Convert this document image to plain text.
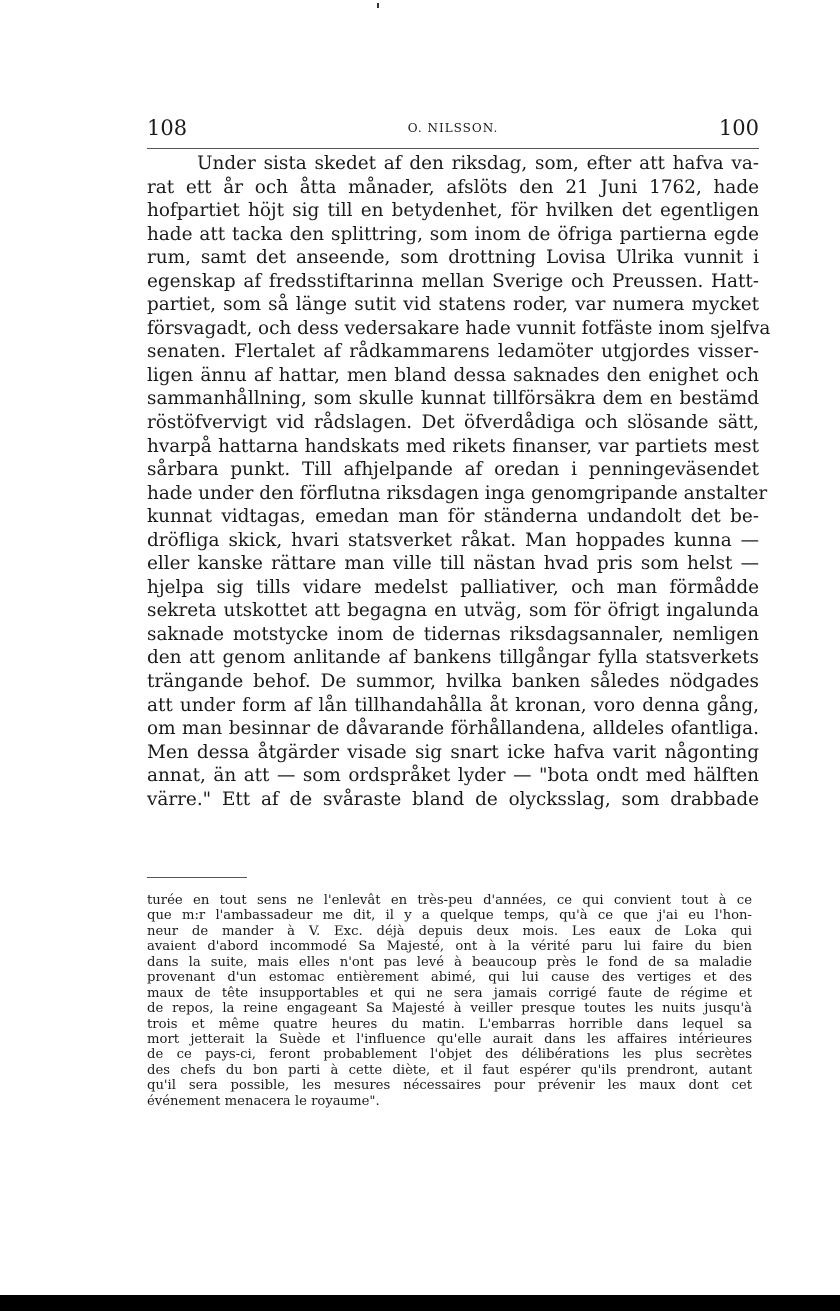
108	O. NILSSON.	100
Under sista skedet af den riksdag, som, efter att hafva va-
rat ett år och åtta månader, afslöts den 21 Juni 1762, hade
hofpartiet höjt sig till en betydenhet, för hvilken det egentligen
hade att tacka den splittring, som inom de öfriga partierna egde
rum, samt det anseende, som drottning Lovisa Ulrika vunnit i
egenskap af fredsstiftarinna mellan Sverige och Preussen. Hatt-
partiet, som så länge sutit vid statens roder, var numera mycket
försvagadt, och dess vedersakare hade vunnit fotfäste inom sjelfva
senaten. Flertalet af rådkammarens ledamöter utgjordes visser-
ligen ännu af hattar, men bland dessa saknades den enighet och
sammanhållning, som skulle kunnat tillförsäkra dem en bestämd
röstöfvervigt vid rådslagen. Det öfverdådiga och slösande sätt,
hvarpå hattarna handskats med rikets finanser, var partiets mest
sårbara punkt. Till afhjelpande af oredan i penningeväsendet
hade under den förflutna riksdagen inga genomgripande anstalter
kunnat vidtagas, emedan man för ständerna undandolt det be-
dröfliga skick, hvari statsverket råkat. Man hoppades kunna —
eller kanske rättare man ville till nästan hvad pris som helst —
hjelpa sig tills vidare medelst palliativer, och man förmådde
sekreta utskottet att begagna en utväg, som för öfrigt ingalunda
saknade motstycke inom de tidernas riksdagsannaler, nemligen
den att genom anlitande af bankens tillgångar fylla statsverkets
trängande behof. De summor, hvilka banken således nödgades
att under form af lån tillhandahålla åt kronan, voro denna gång,
om man besinnar de dåvarande förhållandena, alldeles ofantliga.
Men dessa åtgärder visade sig snart icke hafva varit någonting
annat, än att — som ordspråket lyder — "bota ondt med hälften
värre." Ett af de svåraste bland de olycksslag, som drabbade
turée en tout sens ne l'enlevât en très-peu d'années, ce qui convient tout à ce
que m:r l'ambassadeur me dit, il y a quelque temps, qu'à ce que j'ai eu l'hon-
neur de mander à V. Exc. déjà depuis deux mois. Les eaux de Loka qui
avaient d'abord incommodé Sa Majesté, ont à la vérité paru lui faire du bien
dans la suite, mais elles n'ont pas levé à beaucoup près le fond de sa maladie
provenant d'un estomac entièrement abimé, qui lui cause des vertiges et des
maux de tête insupportables et qui ne sera jamais corrigé faute de régime et
de repos, la reine engageant Sa Majesté à veiller presque toutes les nuits jusqu'à
trois et même quatre heures du matin. L'embarras horrible dans lequel sa
mort jetterait la Suède et l'influence qu'elle aurait dans les affaires intérieures
de ce pays-ci, feront probablement l'objet des délibérations les plus secrètes
des chefs du bon parti à cette diète, et il faut espérer qu'ils prendront, autant
qu'il sera possible, les mesures nécessaires pour prévenir les maux dont cet
événement menacera le royaume".
